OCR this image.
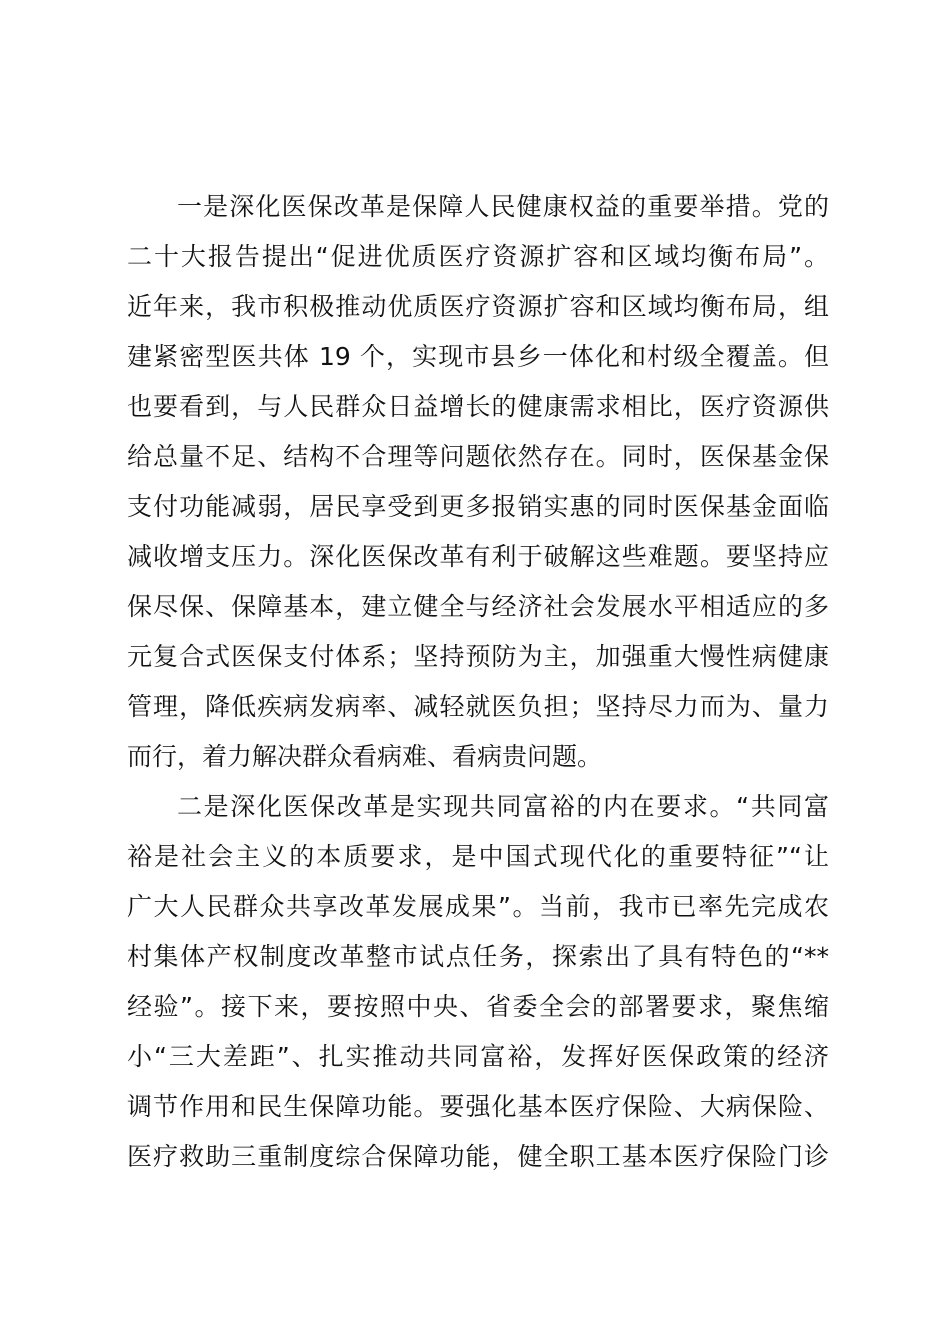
一是深化医保改革是保障人民健康权益的重要举措。党的
二十大报告提出“促进优质医疗资源扩容和区域均衡布局”。
近年来，我市积极推动优质医疗资源扩容和区域均衡布局，组
建紧密型医共体 19 个，实现市县乡一体化和村级全覆盖。但
也要看到，与人民群众日益增长的健康需求相比，医疗资源供
给总量不足、结构不合理等问题依然存在。同时，医保基金保
支付功能减弱，居民享受到更多报销实惠的同时医保基金面临
减收增支压力。深化医保改革有利于破解这些难题。要坚持应
保尽保、保障基本，建立健全与经济社会发展水平相适应的多
元复合式医保支付体系；坚持预防为主，加强重大慢性病健康
管理，降低疾病发病率、减轻就医负担；坚持尽力而为、量力
而行，着力解决群众看病难、看病贵问题。
二是深化医保改革是实现共同富裕的内在要求。“共同富
裕是社会主义的本质要求，是中国式现代化的重要特征”“让
广大人民群众共享改革发展成果”。当前，我市已率先完成农
村集体产权制度改革整市试点任务，探索出了具有特色的“**
经验”。接下来，要按照中央、省委全会的部署要求，聚焦缩
小“三大差距”、扎实推动共同富裕，发挥好医保政策的经济
调节作用和民生保障功能。要强化基本医疗保险、大病保险、
医疗救助三重制度综合保障功能，健全职工基本医疗保险门诊
